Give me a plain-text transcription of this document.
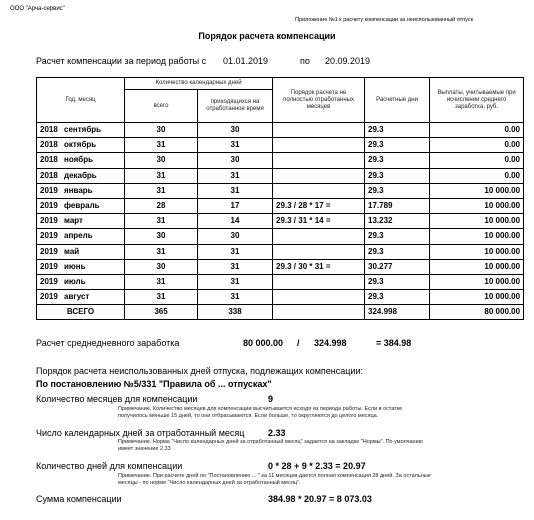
ООО "Арча-сервис"
Приложение №1 к расчету компенсации за неиспользованный отпуск
Порядок расчета компенсации
Расчет компенсации за период работы с 01.01.2019	по 20.09.2019
Год, месяц	Количество календарных дней		Порядок расчета не полностью отработанных месяцев	Расчетные дни	Выплаты, учитываемые при исчислении среднего заработка, руб.
	всего	приходящихся на отработанное время			
2018 сентябрь	30	30		29.3	0.00
2018 октябрь	31	31		29.3	0.00
2018 ноябрь	30	30		29.3	0.00
2018 декабрь	31	31		29.3	0.00
2019 январь	31	31		29.3	10 000.00
2019 февраль	28	17	29.3 / 28 * 17 =	17.789	10 000.00
2019 март	31	14	29.3 / 31 * 14 =	13.232	10 000.00
2019 апрель	30	30		29.3	10 000.00
2019 май	31	31		29.3	10 000.00
2019 июнь	30	31	29.3 / 30 * 31 =	30.277	10 000.00
2019 июль	31	31		29.3	10 000.00
2019 август	31	31		29.3	10 000.00
ВСЕГО	365	338		324.998	80 000.00
Расчет среднедневного заработка	80 000.00 / 324.998	= 384.98
Порядок расчета неиспользованных дней отпуска, подлежащих компенсации:
По постановлению №5/331 "Правила об ... отпусках"
Количество месяцев для компенсации	9
Примечание. Количество месяцев для компенсации высчитывается исходя из периода работы. Если в остатке
получилось меньше 15 дней, то они отбрасываются. Если больше, то округляются до целого месяца.
Число календарных дней за отработанный месяц	2.33
Примечание. Норма "Число календарных дней за отработанный месяц" задается на закладке "Нормы". По умолчанию
имеет значение 2.33
Количество дней для компенсации	0 * 28 + 9 * 2.33 = 20.97
Примечание. При расчете дней по "Постановлению ... " за 11 месяцев дается полная компенсация 28 дней. За остальные
месяцы - по норме "Число календарных дней за отработанный месяц".
Сумма компенсации	384.98 * 20.97 = 8 073.03
